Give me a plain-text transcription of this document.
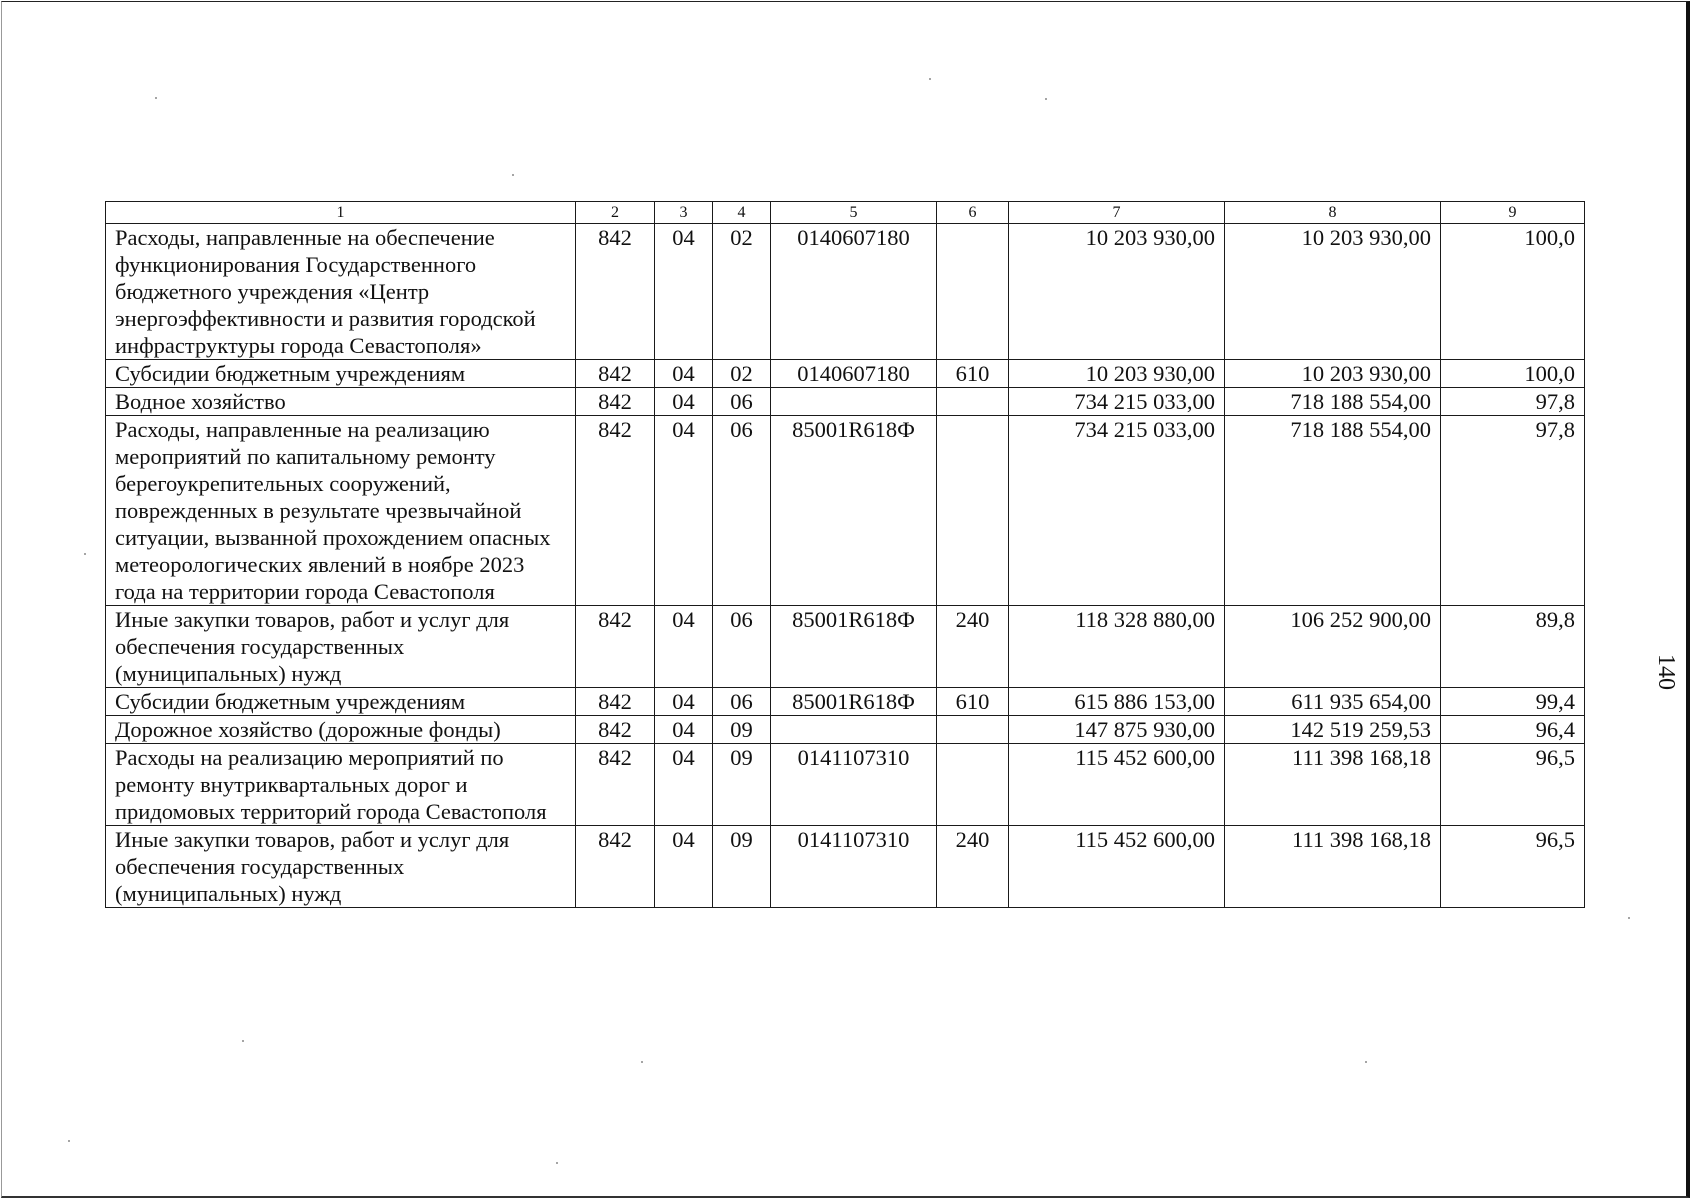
1	2	3	4	5	6	7	8	9
Расходы, направленные на обеспечение функционирования Государственного бюджетного учреждения «Центр энергоэффективности и развития городской инфраструктуры города Севастополя»	842	04	02	0140607180		10 203 930,00	10 203 930,00	100,0
Субсидии бюджетным учреждениям	842	04	02	0140607180	610	10 203 930,00	10 203 930,00	100,0
Водное хозяйство	842	04	06			734 215 033,00	718 188 554,00	97,8
Расходы, направленные на реализацию мероприятий по капитальному ремонту берегоукрепительных сооружений, поврежденных в результате чрезвычайной ситуации, вызванной прохождением опасных метеорологических явлений в ноябре 2023 года на территории города Севастополя	842	04	06	85001R618Ф		734 215 033,00	718 188 554,00	97,8
Иные закупки товаров, работ и услуг для обеспечения государственных (муниципальных) нужд	842	04	06	85001R618Ф	240	118 328 880,00	106 252 900,00	89,8
Субсидии бюджетным учреждениям	842	04	06	85001R618Ф	610	615 886 153,00	611 935 654,00	99,4
Дорожное хозяйство (дорожные фонды)	842	04	09			147 875 930,00	142 519 259,53	96,4
Расходы на реализацию мероприятий по ремонту внутриквартальных дорог и придомовых территорий города Севастополя	842	04	09	0141107310		115 452 600,00	111 398 168,18	96,5
Иные закупки товаров, работ и услуг для обеспечения государственных (муниципальных) нужд	842	04	09	0141107310	240	115 452 600,00	111 398 168,18	96,5
140
